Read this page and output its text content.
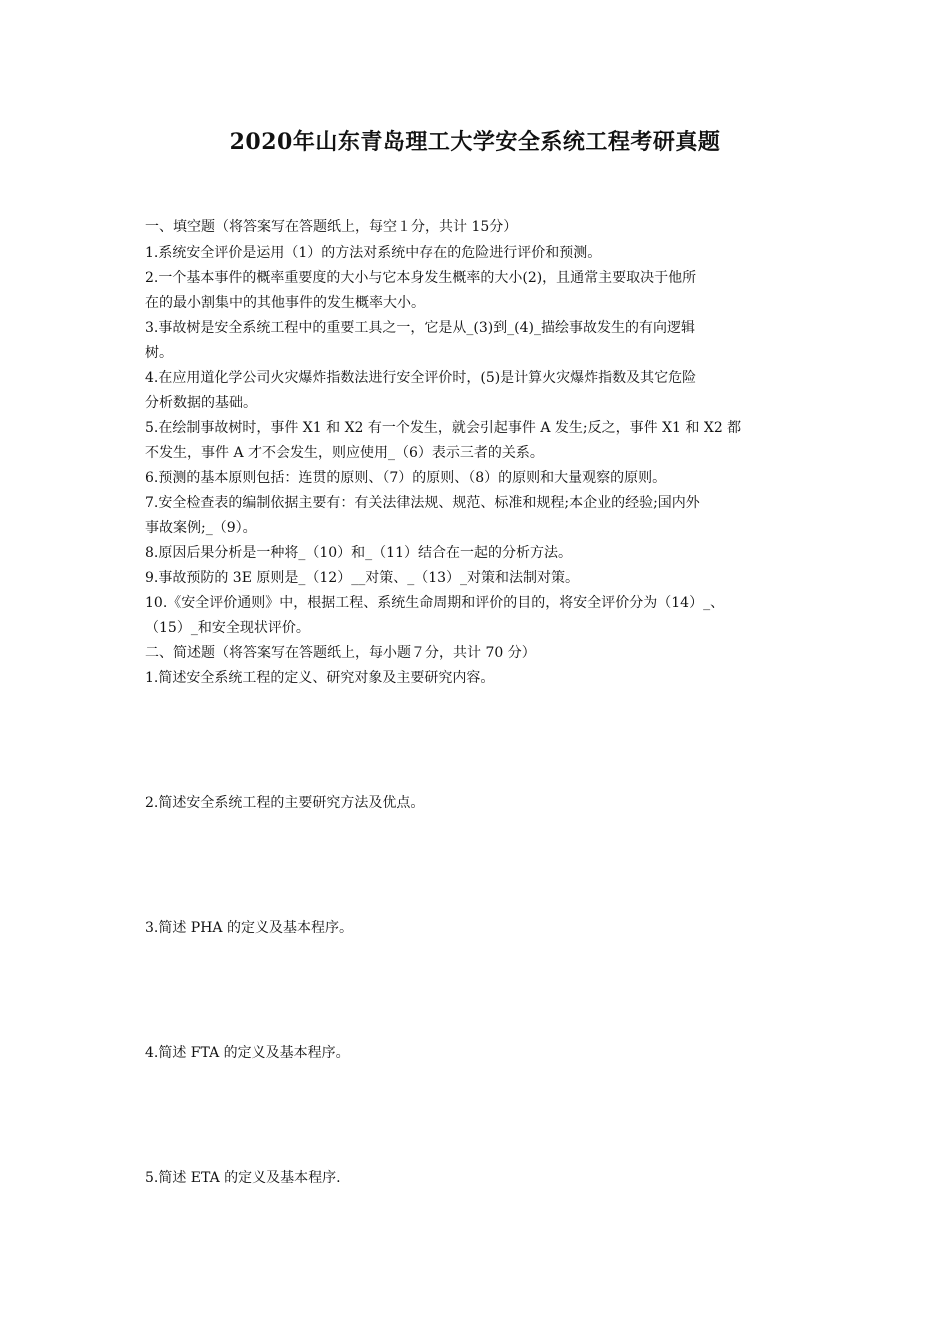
2020年山东青岛理工大学安全系统工程考研真题
一、填空题（将答案写在答题纸上，每空１分，共计 15分）
1.系统安全评价是运用（1）的方法对系统中存在的危险进行评价和预测。
2.一个基本事件的概率重要度的大小与它本身发生概率的大小(2)，且通常主要取决于他所
在的最小割集中的其他事件的发生概率大小。
3.事故树是安全系统工程中的重要工具之一，它是从_(3)到_(4)_描绘事故发生的有向逻辑
树。
4.在应用道化学公司火灾爆炸指数法进行安全评价时，(5)是计算火灾爆炸指数及其它危险
分析数据的基础。
5.在绘制事故树时，事件 X1 和 X2 有一个发生，就会引起事件 A 发生;反之，事件 X1 和 X2 都
不发生，事件 A 才不会发生，则应使用_（6）表示三者的关系。
6.预测的基本原则包括：连贯的原则、（7）的原则、（8）的原则和大量观察的原则。
7.安全检查表的编制依据主要有：有关法律法规、规范、标准和规程;本企业的经验;国内外
事故案例;_（9）。
8.原因后果分析是一种将_（10）和_（11）结合在一起的分析方法。
9.事故预防的 3E 原则是_（12）__对策、_（13）_对策和法制对策。
10.《安全评价通则》中，根据工程、系统生命周期和评价的目的，将安全评价分为（14）_、
（15）_和安全现状评价。
二、简述题（将答案写在答题纸上，每小题７分，共计 70 分）
1.简述安全系统工程的定义、研究对象及主要研究内容。
2.简述安全系统工程的主要研究方法及优点。
3.简述 PHA 的定义及基本程序。
4.简述 FTA 的定义及基本程序。
5.简述 ETA 的定义及基本程序.
